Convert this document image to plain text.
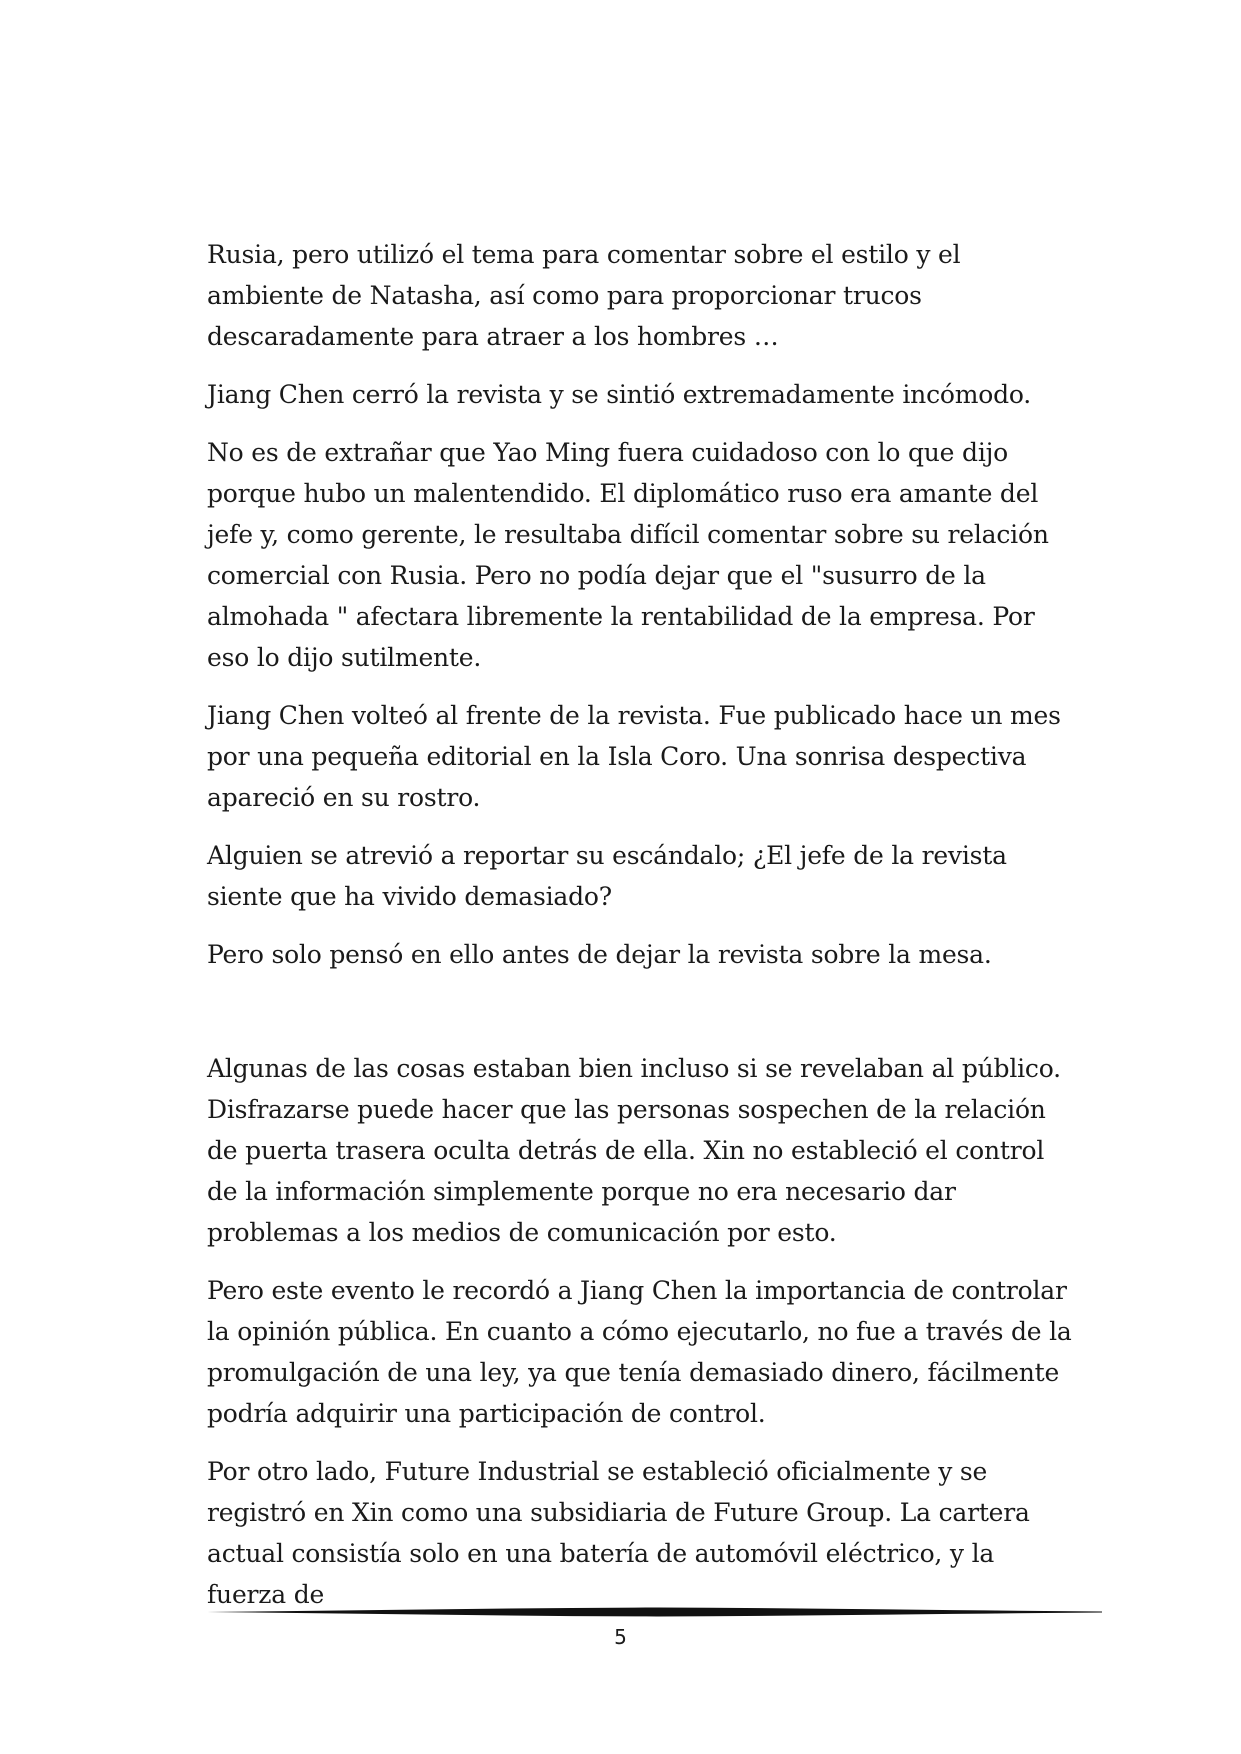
Rusia, pero utilizó el tema para comentar sobre el estilo y el ambiente de Natasha, así como para proporcionar trucos descaradamente para atraer a los hombres …

Jiang Chen cerró la revista y se sintió extremadamente incómodo.

No es de extrañar que Yao Ming fuera cuidadoso con lo que dijo porque hubo un malentendido. El diplomático ruso era amante del jefe y, como gerente, le resultaba difícil comentar sobre su relación comercial con Rusia. Pero no podía dejar que el "susurro de la almohada " afectara libremente la rentabilidad de la empresa. Por eso lo dijo sutilmente.

Jiang Chen volteó al frente de la revista. Fue publicado hace un mes por una pequeña editorial en la Isla Coro. Una sonrisa despectiva apareció en su rostro.

Alguien se atrevió a reportar su escándalo; ¿El jefe de la revista siente que ha vivido demasiado?

Pero solo pensó en ello antes de dejar la revista sobre la mesa.

Algunas de las cosas estaban bien incluso si se revelaban al público. Disfrazarse puede hacer que las personas sospechen de la relación de puerta trasera oculta detrás de ella. Xin no estableció el control de la información simplemente porque no era necesario dar problemas a los medios de comunicación por esto.

Pero este evento le recordó a Jiang Chen la importancia de controlar la opinión pública. En cuanto a cómo ejecutarlo, no fue a través de la promulgación de una ley, ya que tenía demasiado dinero, fácilmente podría adquirir una participación de control.

Por otro lado, Future Industrial se estableció oficialmente y se registró en Xin como una subsidiaria de Future Group. La cartera actual consistía solo en una batería de automóvil eléctrico, y la fuerza de

5
